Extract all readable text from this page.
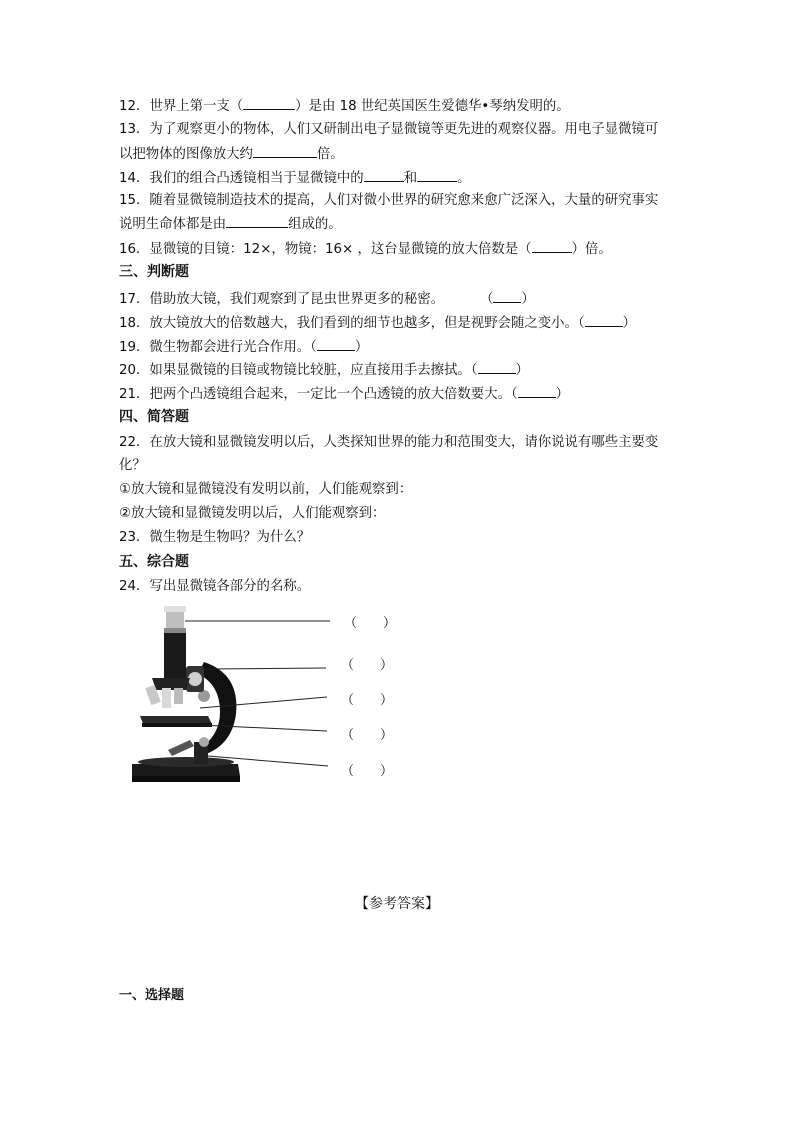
12．世界上第一支（	）是由 18 世纪英国医生爱德华•琴纳发明的。
13．为了观察更小的物体，人们又研制出电子显微镜等更先进的观察仪器。用电子显微镜可
以把物体的图像放大约	倍。
14．我们的组合凸透镜相当于显微镜中的	和	。
15．随着显微镜制造技术的提高，人们对微小世界的研究愈来愈广泛深入，大量的研究事实
说明生命体都是由	组成的。
16．显微镜的目镜：12×，物镜：16× ，这台显微镜的放大倍数是（	）倍。
三、判断题
17．借助放大镜，我们观察到了昆虫世界更多的秘密。	（ ）
18．放大镜放大的倍数越大，我们看到的细节也越多，但是视野会随之变小。（	）
19．微生物都会进行光合作用。（	）
20．如果显微镜的目镜或物镜比较脏，应直接用手去擦拭。（	）
21．把两个凸透镜组合起来，一定比一个凸透镜的放大倍数要大。（	）
四、简答题
22．在放大镜和显微镜发明以后，人类探知世界的能力和范围变大，请你说说有哪些主要变
化？
①放大镜和显微镜没有发明以前，人们能观察到：
②放大镜和显微镜发明以后，人们能观察到：
23．微生物是生物吗？为什么？
五、综合题
24．写出显微镜各部分的名称。
（　　）
（　　）
（　　）
（　　）
（　　）
【参考答案】
一、选择题
